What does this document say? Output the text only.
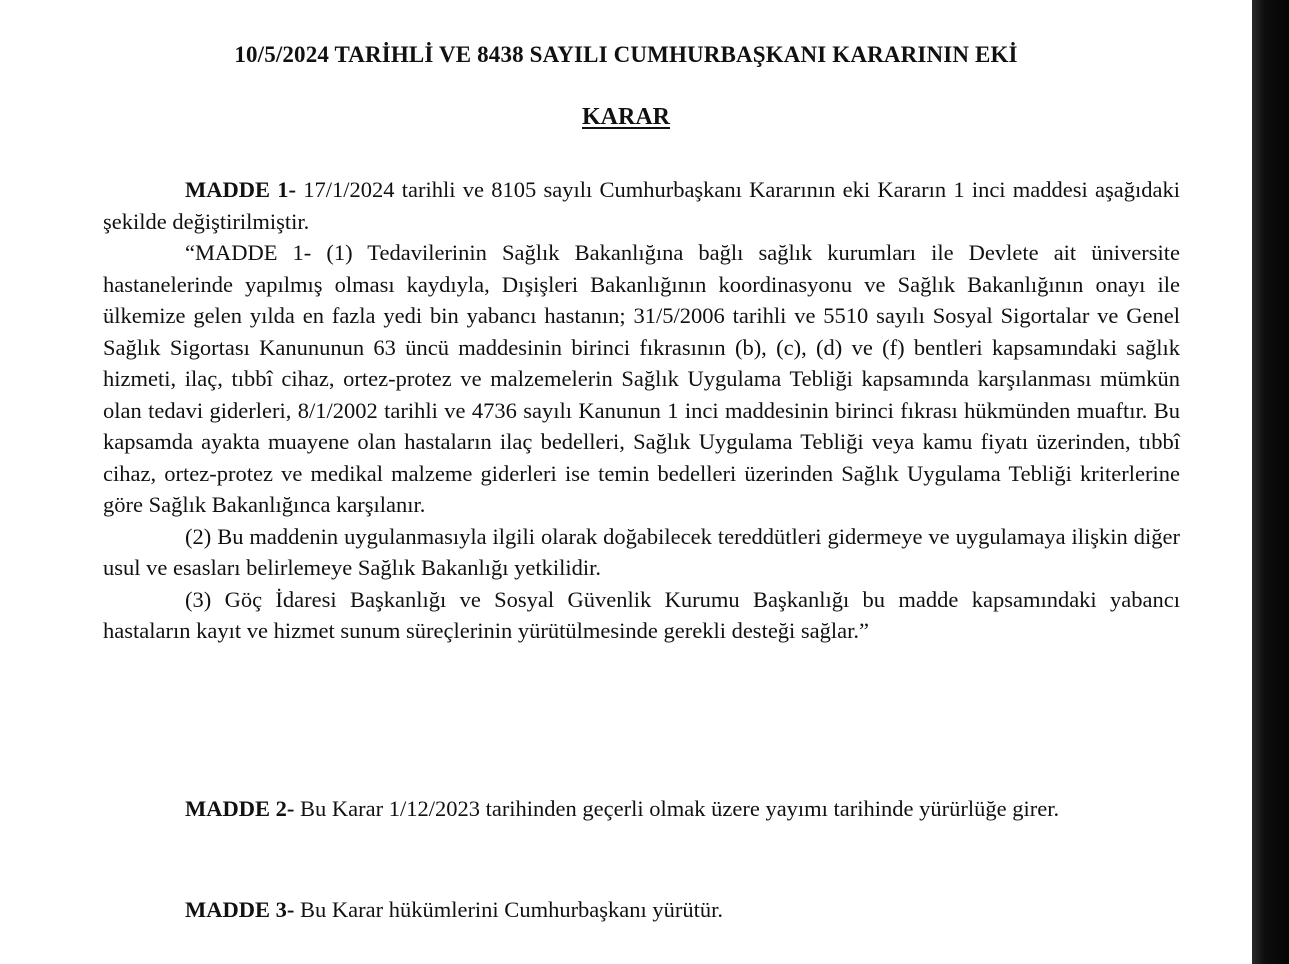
10/5/2024 TARİHLİ VE 8438 SAYILI CUMHURBAŞKANI KARARININ EKİ
KARAR

MADDE 1- 17/1/2024 tarihli ve 8105 sayılı Cumhurbaşkanı Kararının eki Kararın 1 inci maddesi aşağıdaki şekilde değiştirilmiştir.

“MADDE 1- (1) Tedavilerinin Sağlık Bakanlığına bağlı sağlık kurumları ile Devlete ait üniversite hastanelerinde yapılmış olması kaydıyla, Dışişleri Bakanlığının koordinasyonu ve Sağlık Bakanlığının onayı ile ülkemize gelen yılda en fazla yedi bin yabancı hastanın; 31/5/2006 tarihli ve 5510 sayılı Sosyal Sigortalar ve Genel Sağlık Sigortası Kanununun 63 üncü maddesinin birinci fıkrasının (b), (c), (d) ve (f) bentleri kapsamındaki sağlık hizmeti, ilaç, tıbbî cihaz, ortez-protez ve malzemelerin Sağlık Uygulama Tebliği kapsamında karşılanması mümkün olan tedavi giderleri, 8/1/2002 tarihli ve 4736 sayılı Kanunun 1 inci maddesinin birinci fıkrası hükmünden muaftır. Bu kapsamda ayakta muayene olan hastaların ilaç bedelleri, Sağlık Uygulama Tebliği veya kamu fiyatı üzerinden, tıbbî cihaz, ortez-protez ve medikal malzeme giderleri ise temin bedelleri üzerinden Sağlık Uygulama Tebliği kriterlerine göre Sağlık Bakanlığınca karşılanır.

(2) Bu maddenin uygulanmasıyla ilgili olarak doğabilecek tereddütleri gidermeye ve uygulamaya ilişkin diğer usul ve esasları belirlemeye Sağlık Bakanlığı yetkilidir.

(3) Göç İdaresi Başkanlığı ve Sosyal Güvenlik Kurumu Başkanlığı bu madde kapsamındaki yabancı hastaların kayıt ve hizmet sunum süreçlerinin yürütülmesinde gerekli desteği sağlar.”

MADDE 2- Bu Karar 1/12/2023 tarihinden geçerli olmak üzere yayımı tarihinde yürürlüğe girer.

MADDE 3- Bu Karar hükümlerini Cumhurbaşkanı yürütür.
